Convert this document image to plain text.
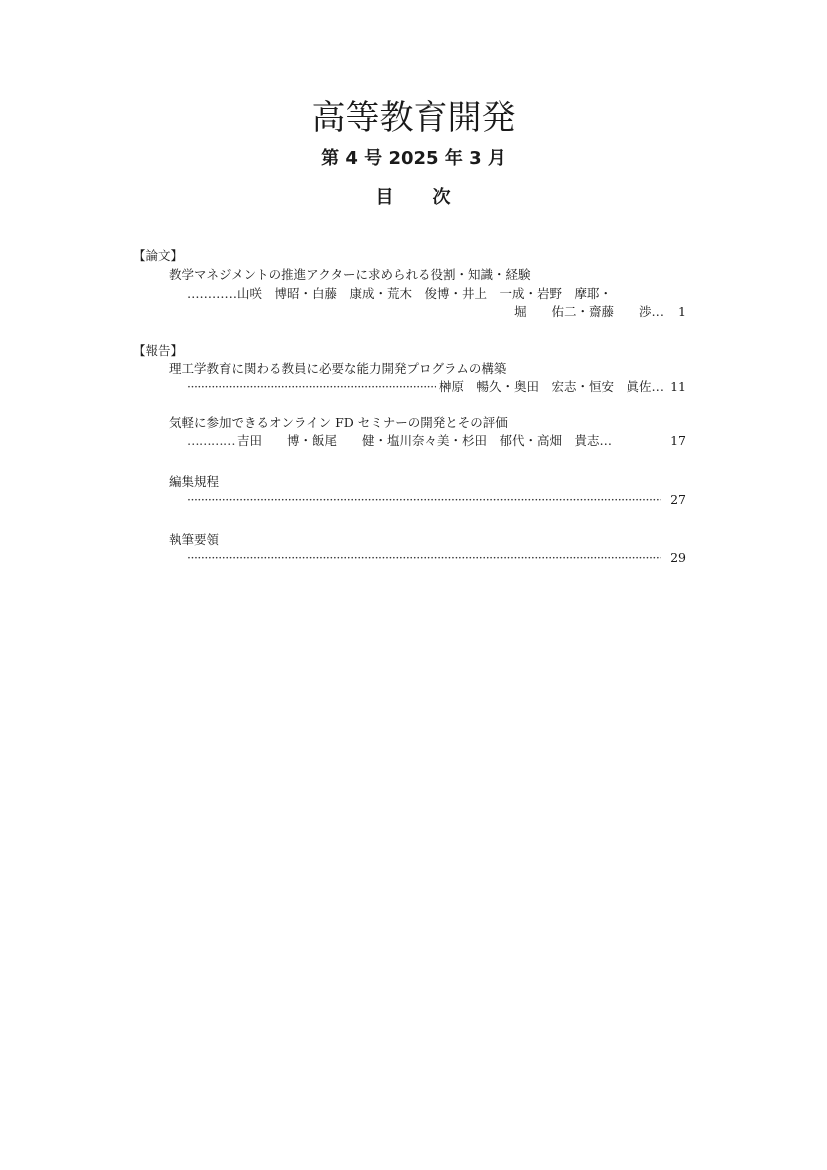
高等教育開発
第 4 号 2025 年 3 月
目 次
【論文】
教学マネジメントの推進アクターに求められる役割・知識・経験
…………山咲　博昭・白藤　康成・荒木　俊博・井上　一成・岩野　摩耶・
堀　　佑二・齋藤　　渉…	1
【報告】
理工学教育に関わる教員に必要な能力開発プログラムの構築
·····
榊原　暢久・奥田　宏志・恒安　眞佐… 11
気軽に参加できるオンライン FD セミナーの開発とその評価
………… 吉田　　博・飯尾　　健・塩川奈々美・杉田　郁代・高畑　貴志…	17
編集規程
·····
27
執筆要領
·····
29
